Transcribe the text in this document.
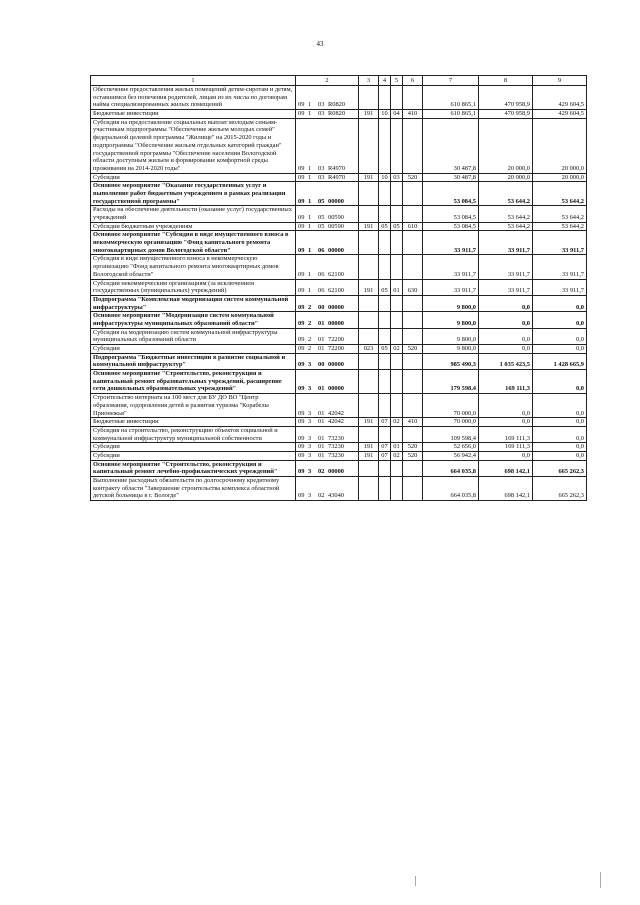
43
1	2	3	4	5	6	7	8	9
Обеспечение предоставления жилых помещений детям-сиротам и детям, оставшимся без попечения родителей, лицам из их числа по договорам найма специализированных жилых помещений	09 1 03 R0820					610 865,1	470 958,9	429 604,5
Бюджетные инвестиции	09 1 03 R0820	191	10	04	410	610 865,1	470 958,9	429 604,5
Субсидия на предоставление социальных выплат молодым семьям-участникам подпрограммы "Обеспечение жильем молодых семей" федеральной целевой программы "Жилище" на 2015-2020 годы и подпрограммы "Обеспечение жильем отдельных категорий граждан" государственной программы "Обеспечение населения Вологодской области доступным жильем и формирование комфортной среды проживания на 2014-2020 годы"	09 1 03 R4970					30 487,8	20 000,0	20 000,0
Субсидии	09 1 03 R4970	191	10	03	520	30 487,8	20 000,0	20 000,0
Основное мероприятие "Оказание государственных услуг и выполнение работ бюджетным учреждением в рамках реализации государственной программы"	09 1 05 00000					53 084,5	53 644,2	53 644,2
Расходы на обеспечение деятельности (оказание услуг) государственных учреждений	09 1 05 00590					53 084,5	53 644,2	53 644,2
Субсидии бюджетным учреждениям	09 1 05 00590	191	05	05	610	53 084,5	53 644,2	53 644,2
Основное мероприятие "Субсидия в виде имущественного взноса в некоммерческую организацию "Фонд капитального ремонта многоквартирных домов Вологодской области"	09 1 06 00000					33 911,7	33 911,7	33 911,7
Субсидия в виде имущественного взноса в некоммерческую организацию "Фонд капитального ремонта многоквартирных домов Вологодской области"	09 1 06 62100					33 911,7	33 911,7	33 911,7
Субсидии некоммерческим организациям (за исключением государственных (муниципальных) учреждений)	09 1 06 62100	191	05	01	630	33 911,7	33 911,7	33 911,7
Подпрограмма "Комплексная модернизация систем коммунальной инфраструктуры"	09 2 00 00000					9 800,0	0,0	0,0
Основное мероприятие "Модернизация систем коммунальной инфраструктуры муниципальных образований области"	09 2 01 00000					9 800,0	0,0	0,0
Субсидия на модернизацию систем коммунальной инфраструктуры муниципальных образований области	09 2 01 72200					9 800,0	0,0	0,0
Субсидии	09 2 01 72200	023	05	02	520	9 800,0	0,0	0,0
Подпрограмма "Бюджетные инвестиции в развитие социальной и коммунальной инфраструктур"	09 3 00 00000					985 490,3	1 035 423,5	1 428 665,9
Основное мероприятие "Строительство, реконструкция и капитальный ремонт образовательных учреждений, расширение сети дошкольных образовательных учреждений"	09 3 01 00000					179 598,4	169 111,3	0,0
Строительство интерната на 100 мест для БУ ДО ВО "Центр образования, оздоровления детей и развития туризма "Корабелы Прионежья"	09 3 01 42042					70 000,0	0,0	0,0
Бюджетные инвестиции	09 3 01 42042	191	07	02	410	70 000,0	0,0	0,0
Субсидия на строительство, реконструкцию объектов социальной и коммунальной инфраструктур муниципальной собственности	09 3 01 73230					109 598,4	169 111,3	0,0
Субсидии	09 3 01 73230	191	07	01	520	52 656,0	169 111,3	0,0
Субсидии	09 3 01 73230	191	07	02	520	56 942,4	0,0	0,0
Основное мероприятие "Строительство, реконструкция и капитальный ремонт лечебно-профилактических учреждений"	09 3 02 00000					664 035,8	698 142,1	665 262,3
Выполнение расходных обязательств по долгосрочному кредитному контракту области "Завершение строительства комплекса областной детской больницы в г. Вологде"	09 3 02 43040					664 035,8	698 142,1	665 262,3
